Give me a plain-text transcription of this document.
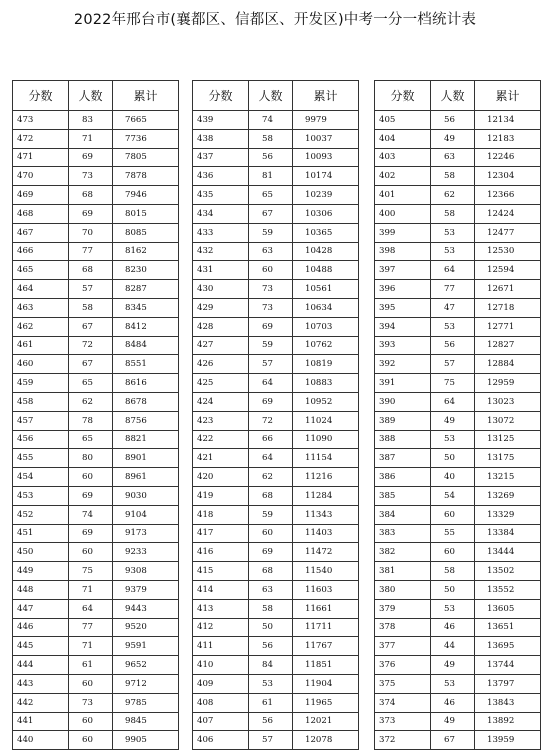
2022年邢台市(襄都区、信都区、开发区)中考一分一档统计表
分数	人数	累计
473	83	7665
472	71	7736
471	69	7805
470	73	7878
469	68	7946
468	69	8015
467	70	8085
466	77	8162
465	68	8230
464	57	8287
463	58	8345
462	67	8412
461	72	8484
460	67	8551
459	65	8616
458	62	8678
457	78	8756
456	65	8821
455	80	8901
454	60	8961
453	69	9030
452	74	9104
451	69	9173
450	60	9233
449	75	9308
448	71	9379
447	64	9443
446	77	9520
445	71	9591
444	61	9652
443	60	9712
442	73	9785
441	60	9845
440	60	9905
分数	人数	累计
439	74	9979
438	58	10037
437	56	10093
436	81	10174
435	65	10239
434	67	10306
433	59	10365
432	63	10428
431	60	10488
430	73	10561
429	73	10634
428	69	10703
427	59	10762
426	57	10819
425	64	10883
424	69	10952
423	72	11024
422	66	11090
421	64	11154
420	62	11216
419	68	11284
418	59	11343
417	60	11403
416	69	11472
415	68	11540
414	63	11603
413	58	11661
412	50	11711
411	56	11767
410	84	11851
409	53	11904
408	61	11965
407	56	12021
406	57	12078
分数	人数	累计
405	56	12134
404	49	12183
403	63	12246
402	58	12304
401	62	12366
400	58	12424
399	53	12477
398	53	12530
397	64	12594
396	77	12671
395	47	12718
394	53	12771
393	56	12827
392	57	12884
391	75	12959
390	64	13023
389	49	13072
388	53	13125
387	50	13175
386	40	13215
385	54	13269
384	60	13329
383	55	13384
382	60	13444
381	58	13502
380	50	13552
379	53	13605
378	46	13651
377	44	13695
376	49	13744
375	53	13797
374	46	13843
373	49	13892
372	67	13959
